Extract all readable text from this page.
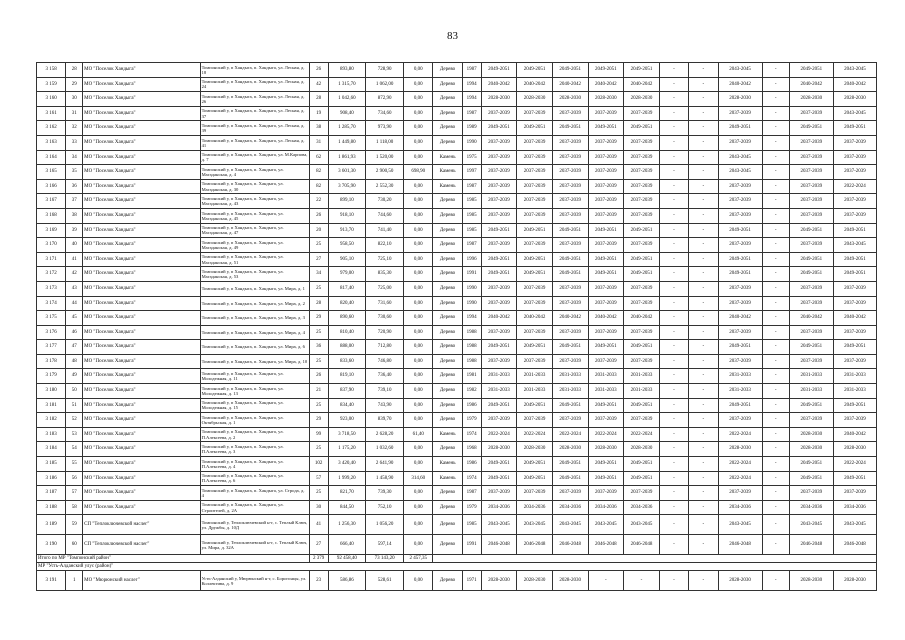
83
3 158	28	МО "Поселок Хандыга"	Томпонский у, п Хандыга, п. Хандыга, ул. Лесная, д. 18	26	893,80	728,90	0,00	Дерево	1987	2049-2051	2049-2051	2049-2051	2049-2051	2049-2051	-	-	2043-2045	-	2049-2051	2043-2045
3 159	29	МО "Поселок Хандыга"	Томпонский у, п Хандыга, п. Хандыга, ул. Лесная, д. 24	42	1 315,70	1 062,00	0,00	Дерево	1994	2040-2042	2040-2042	2040-2042	2040-2042	2040-2042	-	-	2040-2042	-	2040-2042	2040-2042
3 160	30	МО "Поселок Хандыга"	Томпонский у, п Хандыга, п. Хандыга, ул. Лесная, д. 26	28	1 042,60	872,90	0,00	Дерево	1994	2028-2030	2028-2030	2028-2030	2028-2030	2028-2030	-	-	2028-2030	-	2028-2030	2028-2030
3 161	31	МО "Поселок Хандыга"	Томпонский у, п Хандыга, п. Хандыга, ул. Лесная, д. 37	19	908,40	734,60	0,00	Дерево	1987	2037-2039	2037-2039	2037-2039	2037-2039	2037-2039	-	-	2037-2039	-	2037-2039	2043-2045
3 162	32	МО "Поселок Хандыга"	Томпонский у, п Хандыга, п. Хандыга, ул. Лесная, д. 39	38	1 285,70	973,90	0,00	Дерево	1989	2049-2051	2049-2051	2049-2051	2049-2051	2049-2051	-	-	2049-2051	-	2049-2051	2049-2051
3 163	33	МО "Поселок Хандыга"	Томпонский у, п Хандыга, п. Хандыга, ул. Лесная, д. 41	31	1 449,80	1 118,00	0,00	Дерево	1990	2037-2039	2037-2039	2037-2039	2037-2039	2037-2039	-	-	2037-2039	-	2037-2039	2037-2039
3 164	34	МО "Поселок Хандыга"	Томпонский у, п Хандыга, п. Хандыга, ул. М.Карпова, д. 7	62	1 861,93	1 520,00	0,00	Камень	1975	2037-2039	2037-2039	2037-2039	2037-2039	2037-2039	-	-	2043-2045	-	2037-2039	2037-2039
3 165	35	МО "Поселок Хандыга"	Томпонский у, п Хандыга, п. Хандыга, ул. Магаданская, д. 4	82	3 601,30	2 900,50	698,90	Камень	1997	2037-2039	2037-2039	2037-2039	2037-2039	2037-2039	-	-	2043-2045	-	2037-2039	2037-2039
3 166	36	МО "Поселок Хандыга"	Томпонский у, п Хандыга, п. Хандыга, ул. Магаданская, д. 30	82	3 705,90	2 552,30	0,00	Камень	1987	2037-2039	2037-2039	2037-2039	2037-2039	2037-2039	-	-	2037-2039	-	2037-2039	2022-2024
3 167	37	МО "Поселок Хандыга"	Томпонский у, п Хандыга, п. Хандыга, ул. Магаданская, д. 43	22	899,10	730,20	0,00	Дерево	1985	2037-2039	2037-2039	2037-2039	2037-2039	2037-2039	-	-	2037-2039	-	2037-2039	2037-2039
3 168	38	МО "Поселок Хандыга"	Томпонский у, п Хандыга, п. Хандыга, ул. Магаданская, д. 45	26	918,10	744,60	0,00	Дерево	1985	2037-2039	2037-2039	2037-2039	2037-2039	2037-2039	-	-	2037-2039	-	2037-2039	2037-2039
3 169	39	МО "Поселок Хандыга"	Томпонский у, п Хандыга, п. Хандыга, ул. Магаданская, д. 47	20	913,70	741,40	0,00	Дерево	1985	2049-2051	2049-2051	2049-2051	2049-2051	2049-2051	-	-	2049-2051	-	2049-2051	2049-2051
3 170	40	МО "Поселок Хандыга"	Томпонский у, п Хандыга, п. Хандыга, ул. Магаданская, д. 49	25	958,50	822,10	0,00	Дерево	1987	2037-2039	2037-2039	2037-2039	2037-2039	2037-2039	-	-	2037-2039	-	2037-2039	2043-2045
3 171	41	МО "Поселок Хандыга"	Томпонский у, п Хандыга, п. Хандыга, ул. Магаданская, д. 51	27	905,10	725,10	0,00	Дерево	1996	2049-2051	2049-2051	2049-2051	2049-2051	2049-2051	-	-	2049-2051	-	2049-2051	2049-2051
3 172	42	МО "Поселок Хандыга"	Томпонский у, п Хандыга, п. Хандыга, ул. Магаданская, д. 53	34	979,00	835,30	0,00	Дерево	1991	2049-2051	2049-2051	2049-2051	2049-2051	2049-2051	-	-	2049-2051	-	2049-2051	2049-2051
3 173	43	МО "Поселок Хандыга"	Томпонский у, п Хандыга, п. Хандыга, ул. Мира, д. 1	25	817,40	725,00	0,00	Дерево	1990	2037-2039	2037-2039	2037-2039	2037-2039	2037-2039	-	-	2037-2039	-	2037-2039	2037-2039
3 174	44	МО "Поселок Хандыга"	Томпонский у, п Хандыга, п. Хандыга, ул. Мира, д. 2	28	820,40	731,60	0,00	Дерево	1990	2037-2039	2037-2039	2037-2039	2037-2039	2037-2039	-	-	2037-2039	-	2037-2039	2037-2039
3 175	45	МО "Поселок Хандыга"	Томпонский у, п Хандыга, п. Хандыга, ул. Мира, д. 3	29	890,60	730,60	0,00	Дерево	1994	2040-2042	2040-2042	2040-2042	2040-2042	2040-2042	-	-	2040-2042	-	2040-2042	2040-2042
3 176	46	МО "Поселок Хандыга"	Томпонский у, п Хандыга, п. Хандыга, ул. Мира, д. 4	25	810,40	720,90	0,00	Дерево	1988	2037-2039	2037-2039	2037-2039	2037-2039	2037-2039	-	-	2037-2039	-	2037-2039	2037-2039
3 177	47	МО "Поселок Хандыга"	Томпонский у, п Хандыга, п. Хандыга, ул. Мира, д. 6	36	888,00	712,80	0,00	Дерево	1988	2049-2051	2049-2051	2049-2051	2049-2051	2049-2051	-	-	2049-2051	-	2049-2051	2049-2051
3 178	48	МО "Поселок Хандыга"	Томпонский у, п Хандыга, п. Хандыга, ул. Мира, д. 10	25	833,60	746,80	0,00	Дерево	1988	2037-2039	2037-2039	2037-2039	2037-2039	2037-2039	-	-	2037-2039	-	2037-2039	2037-2039
3 179	49	МО "Поселок Хандыга"	Томпонский у, п Хандыга, п. Хандыга, ул. Молодежная, д. 11	26	819,10	736,40	0,00	Дерево	1981	2031-2033	2031-2033	2031-2033	2031-2033	2031-2033	-	-	2031-2033	-	2031-2033	2031-2033
3 180	50	МО "Поселок Хандыга"	Томпонский у, п Хандыга, п. Хандыга, ул. Молодежная, д. 13	21	837,90	739,10	0,00	Дерево	1982	2031-2033	2031-2033	2031-2033	2031-2033	2031-2033	-	-	2031-2033	-	2031-2033	2031-2033
3 181	51	МО "Поселок Хандыга"	Томпонский у, п Хандыга, п. Хандыга, ул. Молодежная, д. 15	25	834,40	743,90	0,00	Дерево	1986	2049-2051	2049-2051	2049-2051	2049-2051	2049-2051	-	-	2049-2051	-	2049-2051	2049-2051
3 182	52	МО "Поселок Хандыга"	Томпонский у, п Хандыга, п. Хандыга, ул. Октябрьская, д. 1	29	923,00	839,70	0,00	Дерево	1979	2037-2039	2037-2039	2037-2039	2037-2039	2037-2039	-	-	2037-2039	-	2037-2039	2037-2039
3 183	53	МО "Поселок Хандыга"	Томпонский у, п Хандыга, п. Хандыга, ул. П.Алексеева, д. 2	99	3 718,50	2 628,20	61,40	Камень	1974	2022-2024	2022-2024	2022-2024	2022-2024	2022-2024	-	-	2022-2024	-	2028-2030	2040-2042
3 184	54	МО "Поселок Хандыга"	Томпонский у, п Хандыга, п. Хандыга, ул. П.Алексеева, д. 3	25	1 175,20	1 032,60	0,00	Дерево	1968	2028-2030	2028-2030	2028-2030	2028-2030	2028-2030	-	-	2028-2030	-	2028-2030	2028-2030
3 185	55	МО "Поселок Хандыга"	Томпонский у, п Хандыга, п. Хандыга, ул. П.Алексеева, д. 4	102	3 420,40	2 641,90	0,00	Камень	1986	2049-2051	2049-2051	2049-2051	2049-2051	2049-2051	-	-	2022-2024	-	2049-2051	2022-2024
3 186	56	МО "Поселок Хандыга"	Томпонский у, п Хандыга, п. Хандыга, ул. П.Алексеева, д. 6	57	1 999,20	1 458,90	314,60	Камень	1974	2049-2051	2049-2051	2049-2051	2049-2051	2049-2051	-	-	2022-2024	-	2049-2051	2049-2051
3 187	57	МО "Поселок Хандыга"	Томпонский у, п Хандыга, п. Хандыга, ул. Строда, д. 4	25	821,70	739,30	0,00	Дерево	1987	2037-2039	2037-2039	2037-2039	2037-2039	2037-2039	-	-	2037-2039	-	2037-2039	2037-2039
3 188	58	МО "Поселок Хандыга"	Томпонский у, п Хандыга, п. Хандыга, ул. Строителей, д. 2А	30	844,50	752,10	0,00	Дерево	1979	2034-2036	2034-2036	2034-2036	2034-2036	2034-2036	-	-	2034-2036	-	2034-2036	2034-2036
3 189	59	СП "Теплоключевской наслег"	Томпонский у, Теплоключевский н-г, с. Теплый Ключ, ул. Дружбы, д. 10Д	41	1 256,30	1 056,20	0,00	Дерево	1985	2043-2045	2043-2045	2043-2045	2043-2045	2043-2045	-	-	2043-2045	-	2043-2045	2043-2045
3 190	60	СП "Теплоключевской наслег"	Томпонский у, Теплоключевский н-г, с. Теплый Ключ, ул. Мира, д. 32А	27	666,40	597,14	0,00	Дерево	1991	2046-2048	2046-2048	2046-2048	2046-2048	2046-2048	-	-	2046-2048	-	2046-2048	2046-2048
Итого по МР "Томпонский район"				2 379	92 458,40	73 143,20	2 457,35													
МР "Усть-Алданский улус (район)"																				
3 191	1	МО "Мюрюнский наслег"	Усть-Алданский у, Мюрюнский н-г, с. Борогонцы, ул. Коллектива, д. 9	23	586,86	528,61	0,00	Дерево	1971	2028-2030	2028-2030	2028-2030	-	-	-	-	2028-2030	-	2028-2030	2028-2030
